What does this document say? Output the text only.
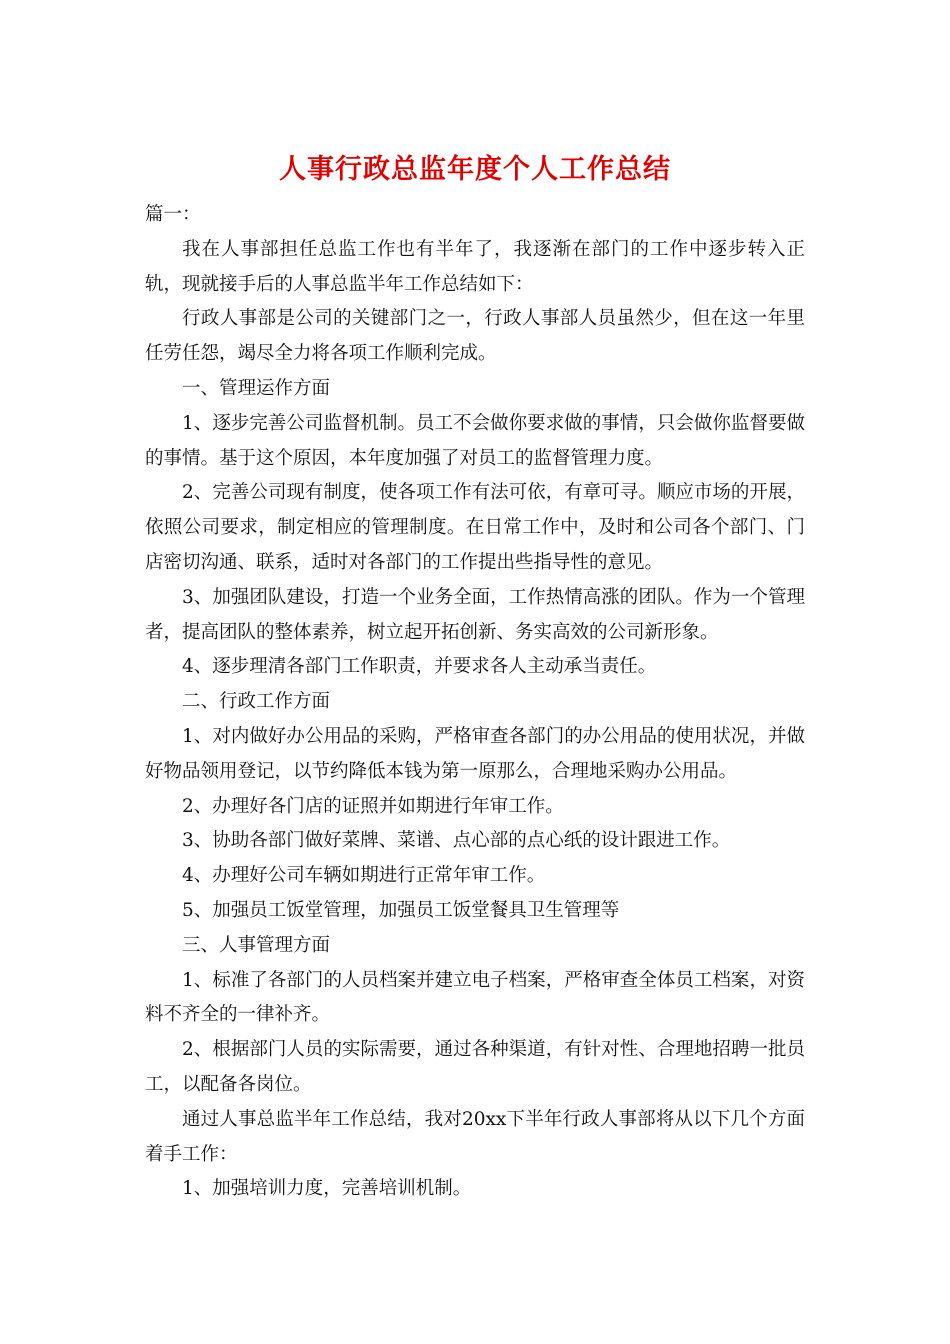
人事行政总监年度个人工作总结

篇一：

我在人事部担任总监工作也有半年了，我逐渐在部门的工作中逐步转入正轨，现就接手后的人事总监半年工作总结如下：

行政人事部是公司的关键部门之一，行政人事部人员虽然少，但在这一年里任劳任怨，竭尽全力将各项工作顺利完成。

一、管理运作方面

1、逐步完善公司监督机制。员工不会做你要求做的事情，只会做你监督要做的事情。基于这个原因，本年度加强了对员工的监督管理力度。

2、完善公司现有制度，使各项工作有法可依，有章可寻。顺应市场的开展，依照公司要求，制定相应的管理制度。在日常工作中，及时和公司各个部门、门店密切沟通、联系，适时对各部门的工作提出些指导性的意见。

3、加强团队建设，打造一个业务全面，工作热情高涨的团队。作为一个管理者，提高团队的整体素养，树立起开拓创新、务实高效的公司新形象。

4、逐步理清各部门工作职责，并要求各人主动承当责任。

二、行政工作方面

1、对内做好办公用品的采购，严格审查各部门的办公用品的使用状况，并做好物品领用登记，以节约降低本钱为第一原那么，合理地采购办公用品。

2、办理好各门店的证照并如期进行年审工作。

3、协助各部门做好菜牌、菜谱、点心部的点心纸的设计跟进工作。

4、办理好公司车辆如期进行正常年审工作。

5、加强员工饭堂管理，加强员工饭堂餐具卫生管理等

三、人事管理方面

1、标准了各部门的人员档案并建立电子档案，严格审查全体员工档案，对资料不齐全的一律补齐。

2、根据部门人员的实际需要，通过各种渠道，有针对性、合理地招聘一批员工，以配备各岗位。

通过人事总监半年工作总结，我对20xx下半年行政人事部将从以下几个方面着手工作：

1、加强培训力度，完善培训机制。
